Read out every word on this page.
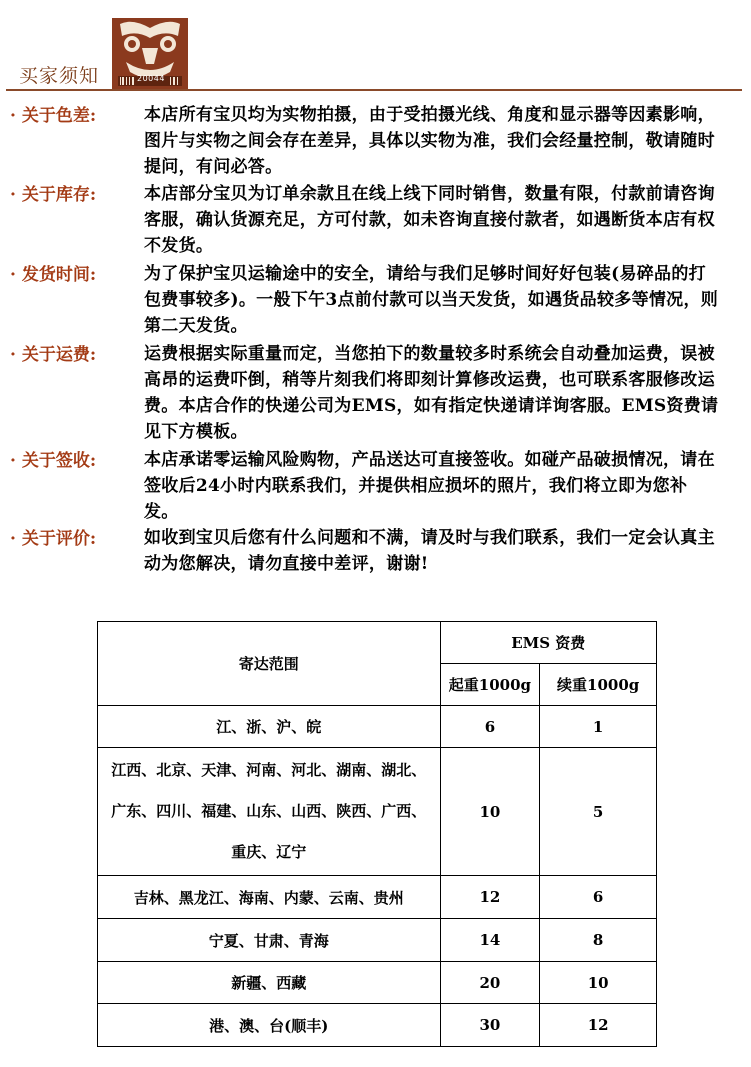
买家须知	20044
· 关于色差:	本店所有宝贝均为实物拍摄，由于受拍摄光线、角度和显示器等因素影响，图片与实物之间会存在差异，具体以实物为准，我们会经量控制，敬请随时提问，有问必答。
· 关于库存:	本店部分宝贝为订单余款且在线上线下同时销售，数量有限，付款前请咨询客服，确认货源充足，方可付款，如未咨询直接付款者，如遇断货本店有权不发货。
· 发货时间:	为了保护宝贝运输途中的安全，请给与我们足够时间好好包装(易碎品的打包费事较多)。一般下午3点前付款可以当天发货，如遇货品较多等情况，则第二天发货。
· 关于运费:	运费根据实际重量而定，当您拍下的数量较多时系统会自动叠加运费，误被高昂的运费吓倒，稍等片刻我们将即刻计算修改运费，也可联系客服修改运费。本店合作的快递公司为EMS，如有指定快递请详询客服。EMS资费请见下方模板。
· 关于签收:	本店承诺零运输风险购物，产品送达可直接签收。如碰产品破损情况，请在签收后24小时内联系我们，并提供相应损坏的照片，我们将立即为您补发。
· 关于评价:	如收到宝贝后您有什么问题和不满，请及时与我们联系，我们一定会认真主动为您解决，请勿直接中差评，谢谢!
寄达范围	EMS 资费	
	起重1000g	续重1000g
江、浙、沪、皖	6	1
江西、北京、天津、河南、河北、湖南、湖北、广东、四川、福建、山东、山西、陕西、广西、重庆、辽宁	10	5
吉林、黑龙江、海南、内蒙、云南、贵州	12	6
宁夏、甘肃、青海	14	8
新疆、西藏	20	10
港、澳、台(顺丰)	30	12
